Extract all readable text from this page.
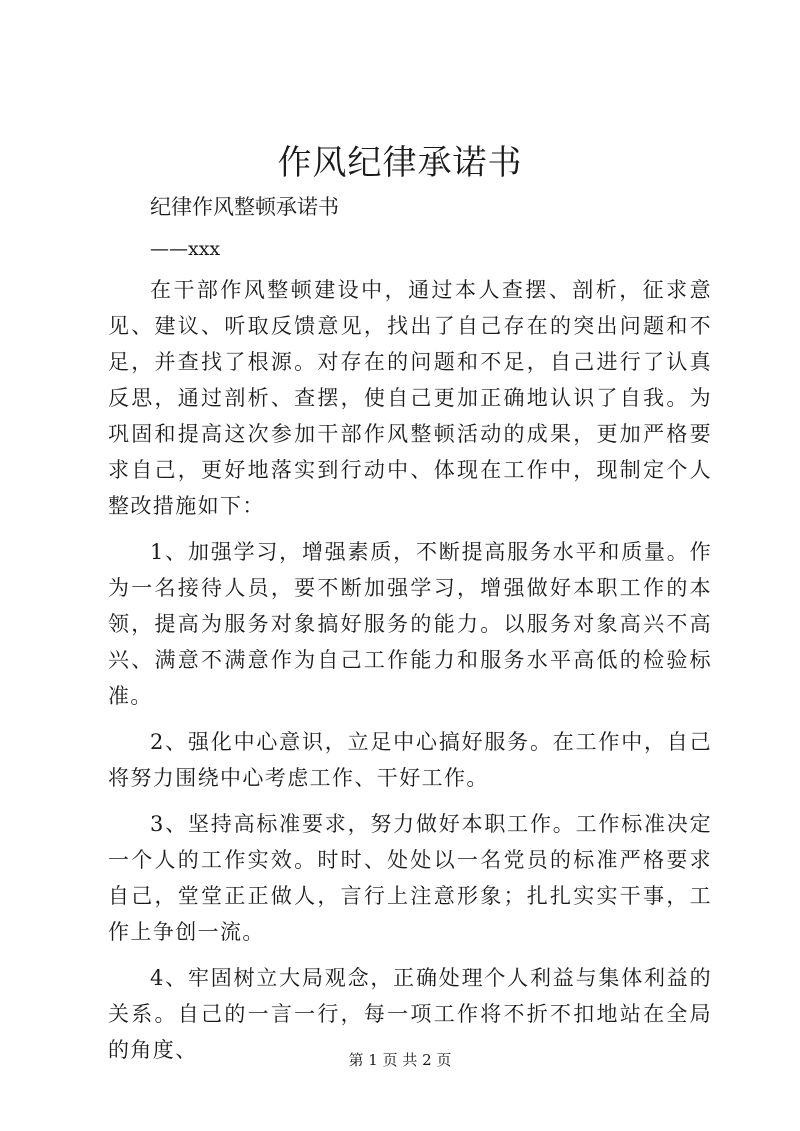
作风纪律承诺书

纪律作风整顿承诺书

——xxx

在干部作风整顿建设中，通过本人查摆、剖析，征求意见、建议、听取反馈意见，找出了自己存在的突出问题和不足，并查找了根源。对存在的问题和不足，自己进行了认真反思，通过剖析、查摆，使自己更加正确地认识了自我。为巩固和提高这次参加干部作风整顿活动的成果，更加严格要求自己，更好地落实到行动中、体现在工作中，现制定个人整改措施如下：

1、加强学习，增强素质，不断提高服务水平和质量。作为一名接待人员，要不断加强学习，增强做好本职工作的本领，提高为服务对象搞好服务的能力。以服务对象高兴不高兴、满意不满意作为自己工作能力和服务水平高低的检验标准。

2、强化中心意识，立足中心搞好服务。在工作中，自己将努力围绕中心考虑工作、干好工作。

3、坚持高标准要求，努力做好本职工作。工作标准决定一个人的工作实效。时时、处处以一名党员的标准严格要求自己，堂堂正正做人，言行上注意形象；扎扎实实干事，工作上争创一流。

4、牢固树立大局观念，正确处理个人利益与集体利益的关系。自己的一言一行，每一项工作将不折不扣地站在全局的角度、	第 1 页 共 2 页
